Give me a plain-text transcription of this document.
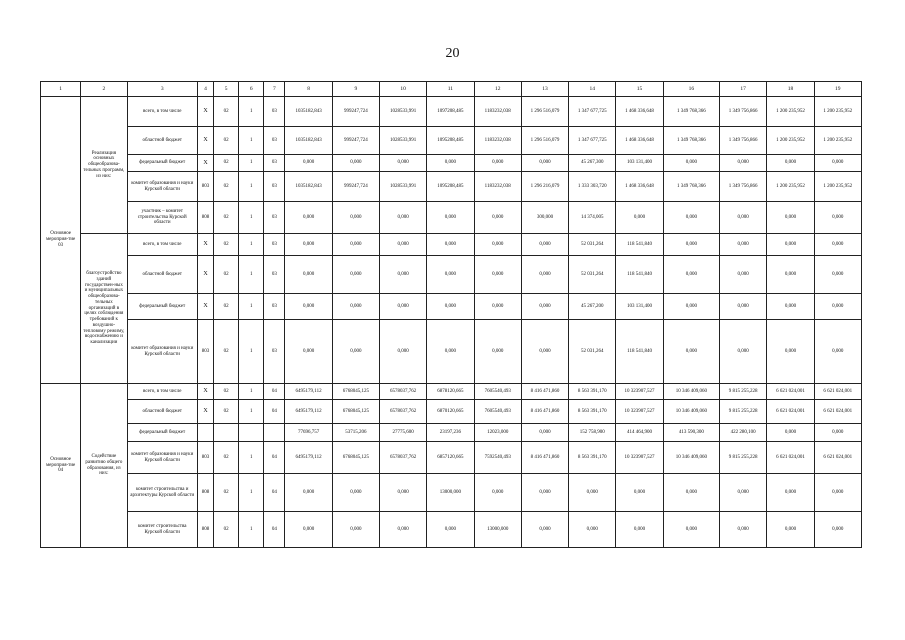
20
1	2	3	4	5	6	7	8	9	10	11	12	13	14	15	16	17	18	19
Основное мероприя-тие 03	Реализация основных общеобразова-тельных программ, из них:	всего, в том числе	X	02	1	03	1035182,843	999247,724	1028533,991	1097208,485	1183232,038	1 296 516,079	1 347 677,725	1 468 336,648	1 349 768,366	1 349 756,866	1 200 235,952	1 200 235,952
		областной бюджет	X	02	1	03	1035182,843	999247,724	1028533,991	1095208,485	1183232,038	1 296 516,079	1 347 677,725	1 468 336,648	1 349 768,366	1 349 756,866	1 200 235,952	1 200 235,952
		федеральный бюджет	X	02	1	03	0,000	0,000	0,000	0,000	0,000	0,000	45 267,300	103 131,400	0,000	0,000	0,000	0,000
		комитет образования и науки Курской области	803	02	1	03	1035182,843	999247,724	1028533,991	1095208,485	1183232,038	1 296 216,079	1 333 303,720	1 468 336,648	1 349 768,366	1 349 756,866	1 200 235,952	1 200 235,952
		участник – комитет строительства Курской области	808	02	1	03	0,000	0,000	0,000	0,000	0,000	300,000	14 374,005	0,000	0,000	0,000	0,000	0,000
	благоустройство зданий государствен-ных и муниципальных общеобразова-тельных организаций в целях соблюдения требований к воздушно-тепловому режиму, водоснабжению и канализации	всего, в том числе	X	02	1	03	0,000	0,000	0,000	0,000	0,000	0,000	52 031,264	118 541,840	0,000	0,000	0,000	0,000
		областной бюджет	X	02	1	03	0,000	0,000	0,000	0,000	0,000	0,000	52 031,264	118 541,840	0,000	0,000	0,000	0,000
		федеральный бюджет	X	02	1	03	0,000	0,000	0,000	0,000	0,000	0,000	45 267,200	103 131,400	0,000	0,000	0,000	0,000
		комитет образования и науки Курской области	803	02	1	03	0,000	0,000	0,000	0,000	0,000	0,000	52 031,264	118 541,840	0,000	0,000	0,000	0,000
Основное мероприя-тие 04	Содействие развитию общего образования, из них:	всего, в том числе	X	02	1	04	6495179,112	6768045,125	6578037,762	6878120,665	7605540,493	8 416 471,860	8 563 391,170	10 323907,527	10 346 409,060	9 815 255,228	6 621 024,001	6 621 024,001
		областной бюджет	X	02	1	04	6495179,112	6768045,125	6578037,762	6870120,665	7605540,493	8 416 471,860	8 563 391,170	10 323907,527	10 346 409,060	9 815 255,228	6 621 024,001	6 621 024,001
		федеральный бюджет					77696,757	53715,206	27775,600	23197,236	12023,000	0,000	152 758,900	414 464,900	413 590,300	422 280,100	0,000	0,000
		комитет образования и науки Курской области	803	02	1	04	6495179,112	6768045,125	6578037,762	6857120,665	7592540,493	8 416 471,860	8 563 391,170	10 323907,527	10 346 409,060	9 815 255,228	6 621 024,001	6 621 024,001
		комитет строительства и архитектуры Курской области	808	02	1	04	0,000	0,000	0,000	13000,000	0,000	0,000	0,000	0,000	0,000	0,000	0,000	0,000
		комитет строительства Курской области	808	02	1	04	0,000	0,000	0,000	0,000	13000,000	0,000	0,000	0,000	0,000	0,000	0,000	0,000
